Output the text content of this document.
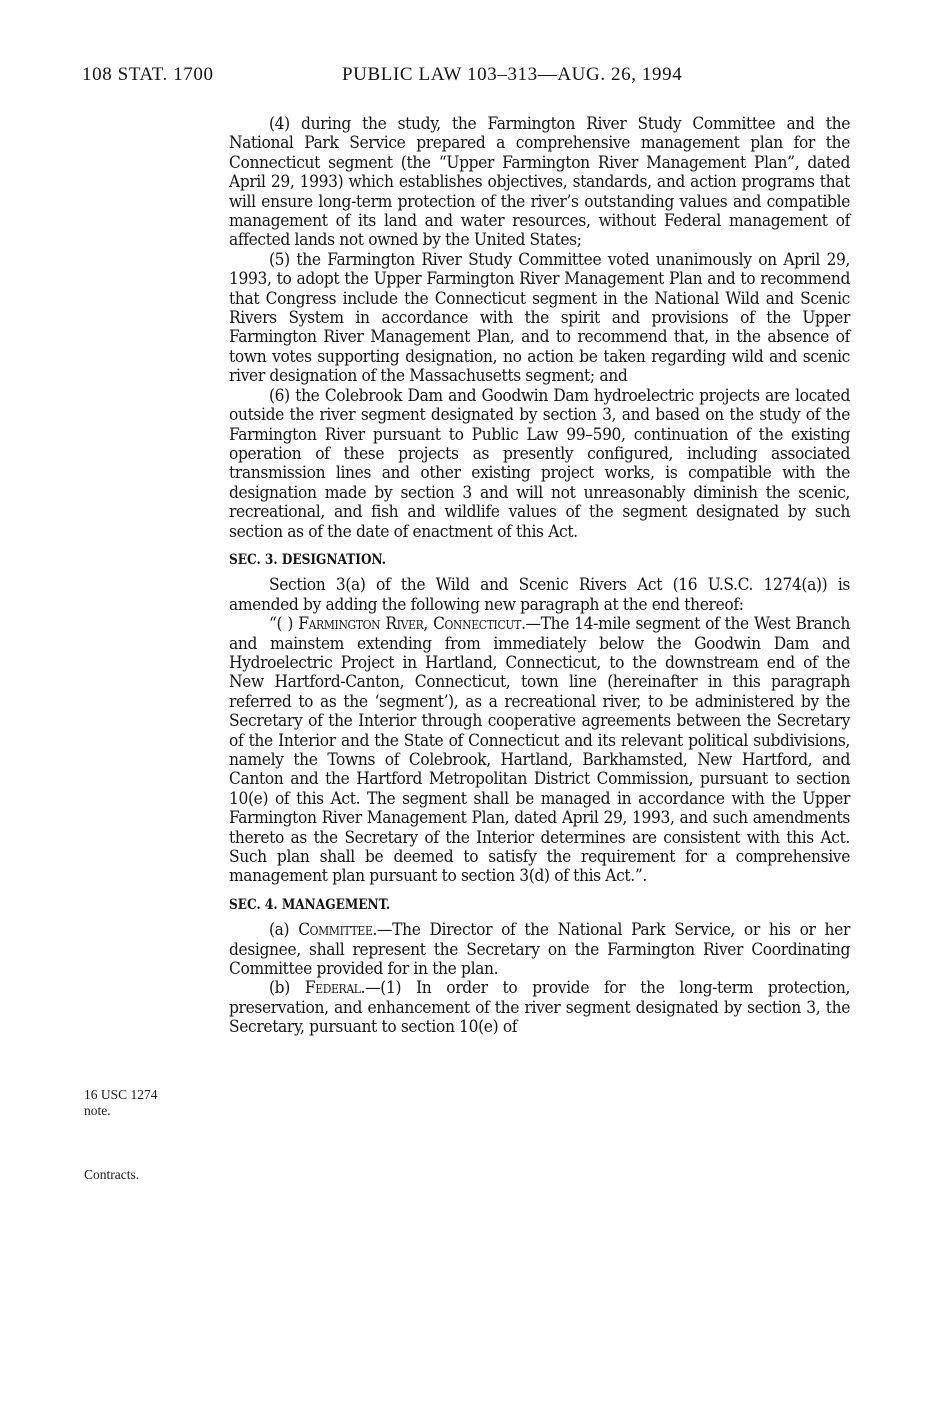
108 STAT. 1700	PUBLIC LAW 103–313—AUG. 26, 1994

(4) during the study, the Farmington River Study Committee and the National Park Service prepared a comprehensive management plan for the Connecticut segment (the “Upper Farmington River Management Plan”, dated April 29, 1993) which establishes objectives, standards, and action programs that will ensure long-term protection of the river’s outstanding values and compatible management of its land and water resources, without Federal management of affected lands not owned by the United States;

(5) the Farmington River Study Committee voted unanimously on April 29, 1993, to adopt the Upper Farmington River Management Plan and to recommend that Congress include the Connecticut segment in the National Wild and Scenic Rivers System in accordance with the spirit and provisions of the Upper Farmington River Management Plan, and to recommend that, in the absence of town votes supporting designation, no action be taken regarding wild and scenic river designation of the Massachusetts segment; and

(6) the Colebrook Dam and Goodwin Dam hydroelectric projects are located outside the river segment designated by section 3, and based on the study of the Farmington River pursuant to Public Law 99–590, continuation of the existing operation of these projects as presently configured, including associated transmission lines and other existing project works, is compatible with the designation made by section 3 and will not unreasonably diminish the scenic, recreational, and fish and wildlife values of the segment designated by such section as of the date of enactment of this Act.

SEC. 3. DESIGNATION.

Section 3(a) of the Wild and Scenic Rivers Act (16 U.S.C. 1274(a)) is amended by adding the following new paragraph at the end thereof:

“( ) Farmington River, Connecticut.—The 14-mile segment of the West Branch and mainstem extending from immediately below the Goodwin Dam and Hydroelectric Project in Hartland, Connecticut, to the downstream end of the New Hartford-Canton, Connecticut, town line (hereinafter in this paragraph referred to as the ‘segment’), as a recreational river, to be administered by the Secretary of the Interior through cooperative agreements between the Secretary of the Interior and the State of Connecticut and its relevant political subdivisions, namely the Towns of Colebrook, Hartland, Barkhamsted, New Hartford, and Canton and the Hartford Metropolitan District Commission, pursuant to section 10(e) of this Act. The segment shall be managed in accordance with the Upper Farmington River Management Plan, dated April 29, 1993, and such amendments thereto as the Secretary of the Interior determines are consistent with this Act. Such plan shall be deemed to satisfy the requirement for a comprehensive management plan pursuant to section 3(d) of this Act.”.

SEC. 4. MANAGEMENT.

(a) Committee.—The Director of the National Park Service, or his or her designee, shall represent the Secretary on the Farmington River Coordinating Committee provided for in the plan.

(b) Federal.—(1) In order to provide for the long-term protection, preservation, and enhancement of the river segment designated by section 3, the Secretary, pursuant to section 10(e) of

16 USC 1274
note.
Contracts.
